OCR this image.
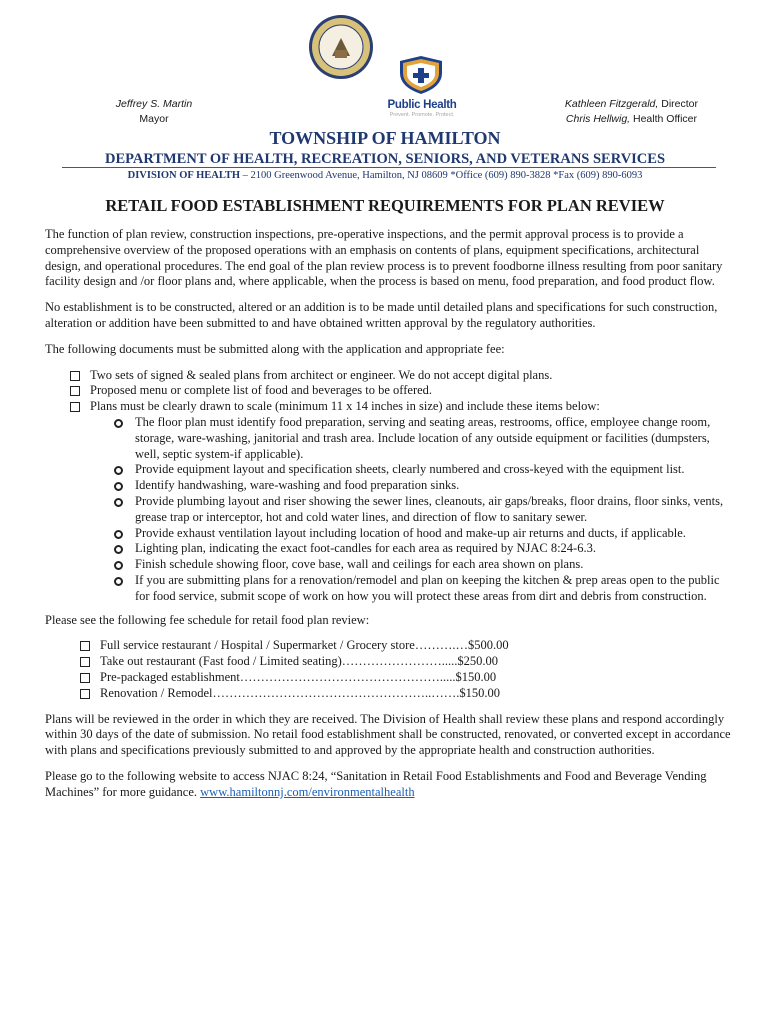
Jeffrey S. Martin
Mayor
Public Health
Prevent. Promote. Protect.
Kathleen Fitzgerald, Director
Chris Hellwig, Health Officer
TOWNSHIP OF HAMILTON
DEPARTMENT OF HEALTH, RECREATION, SENIORS, AND VETERANS SERVICES
DIVISION OF HEALTH – 2100 Greenwood Avenue, Hamilton, NJ 08609 *Office (609) 890-3828 *Fax (609) 890-6093
RETAIL FOOD ESTABLISHMENT REQUIREMENTS FOR PLAN REVIEW

The function of plan review, construction inspections, pre-operative inspections, and the permit approval process is to provide a comprehensive overview of the proposed operations with an emphasis on contents of plans, equipment specifications, architectural design, and operational procedures. The end goal of the plan review process is to prevent foodborne illness resulting from poor sanitary facility design and /or floor plans and, where applicable, when the process is based on menu, food preparation, and food product flow.

No establishment is to be constructed, altered or an addition is to be made until detailed plans and specifications for such construction, alteration or addition have been submitted to and have obtained written approval by the regulatory authorities.

The following documents must be submitted along with the application and appropriate fee:

Two sets of signed & sealed plans from architect or engineer. We do not accept digital plans.
Proposed menu or complete list of food and beverages to be offered.
Plans must be clearly drawn to scale (minimum 11 x 14 inches in size) and include these items below:
The floor plan must identify food preparation, serving and seating areas, restrooms, office, employee change room, storage, ware-washing, janitorial and trash area. Include location of any outside equipment or facilities (dumpsters, well, septic system-if applicable).
Provide equipment layout and specification sheets, clearly numbered and cross-keyed with the equipment list.
Identify handwashing, ware-washing and food preparation sinks.
Provide plumbing layout and riser showing the sewer lines, cleanouts, air gaps/breaks, floor drains, floor sinks, vents, grease trap or interceptor, hot and cold water lines, and direction of flow to sanitary sewer.
Provide exhaust ventilation layout including location of hood and make-up air returns and ducts, if applicable.
Lighting plan, indicating the exact foot-candles for each area as required by NJAC 8:24-6.3.
Finish schedule showing floor, cove base, wall and ceilings for each area shown on plans.
If you are submitting plans for a renovation/remodel and plan on keeping the kitchen & prep areas open to the public for food service, submit scope of work on how you will protect these areas from dirt and debris from construction.

Please see the following fee schedule for retail food plan review:

Full service restaurant / Hospital / Supermarket / Grocery store……….…$500.00
Take out restaurant (Fast food / Limited seating)…………………….....$250.00
Pre-packaged establishment………………………………………….....$150.00
Renovation / Remodel……………………………………………..…….$150.00

Plans will be reviewed in the order in which they are received. The Division of Health shall review these plans and respond accordingly within 30 days of the date of submission. No retail food establishment shall be constructed, renovated, or converted except in accordance with plans and specifications previously submitted to and approved by the appropriate health and construction authorities.

Please go to the following website to access NJAC 8:24, “Sanitation in Retail Food Establishments and Food and Beverage Vending Machines” for more guidance. www.hamiltonnj.com/environmentalhealth
